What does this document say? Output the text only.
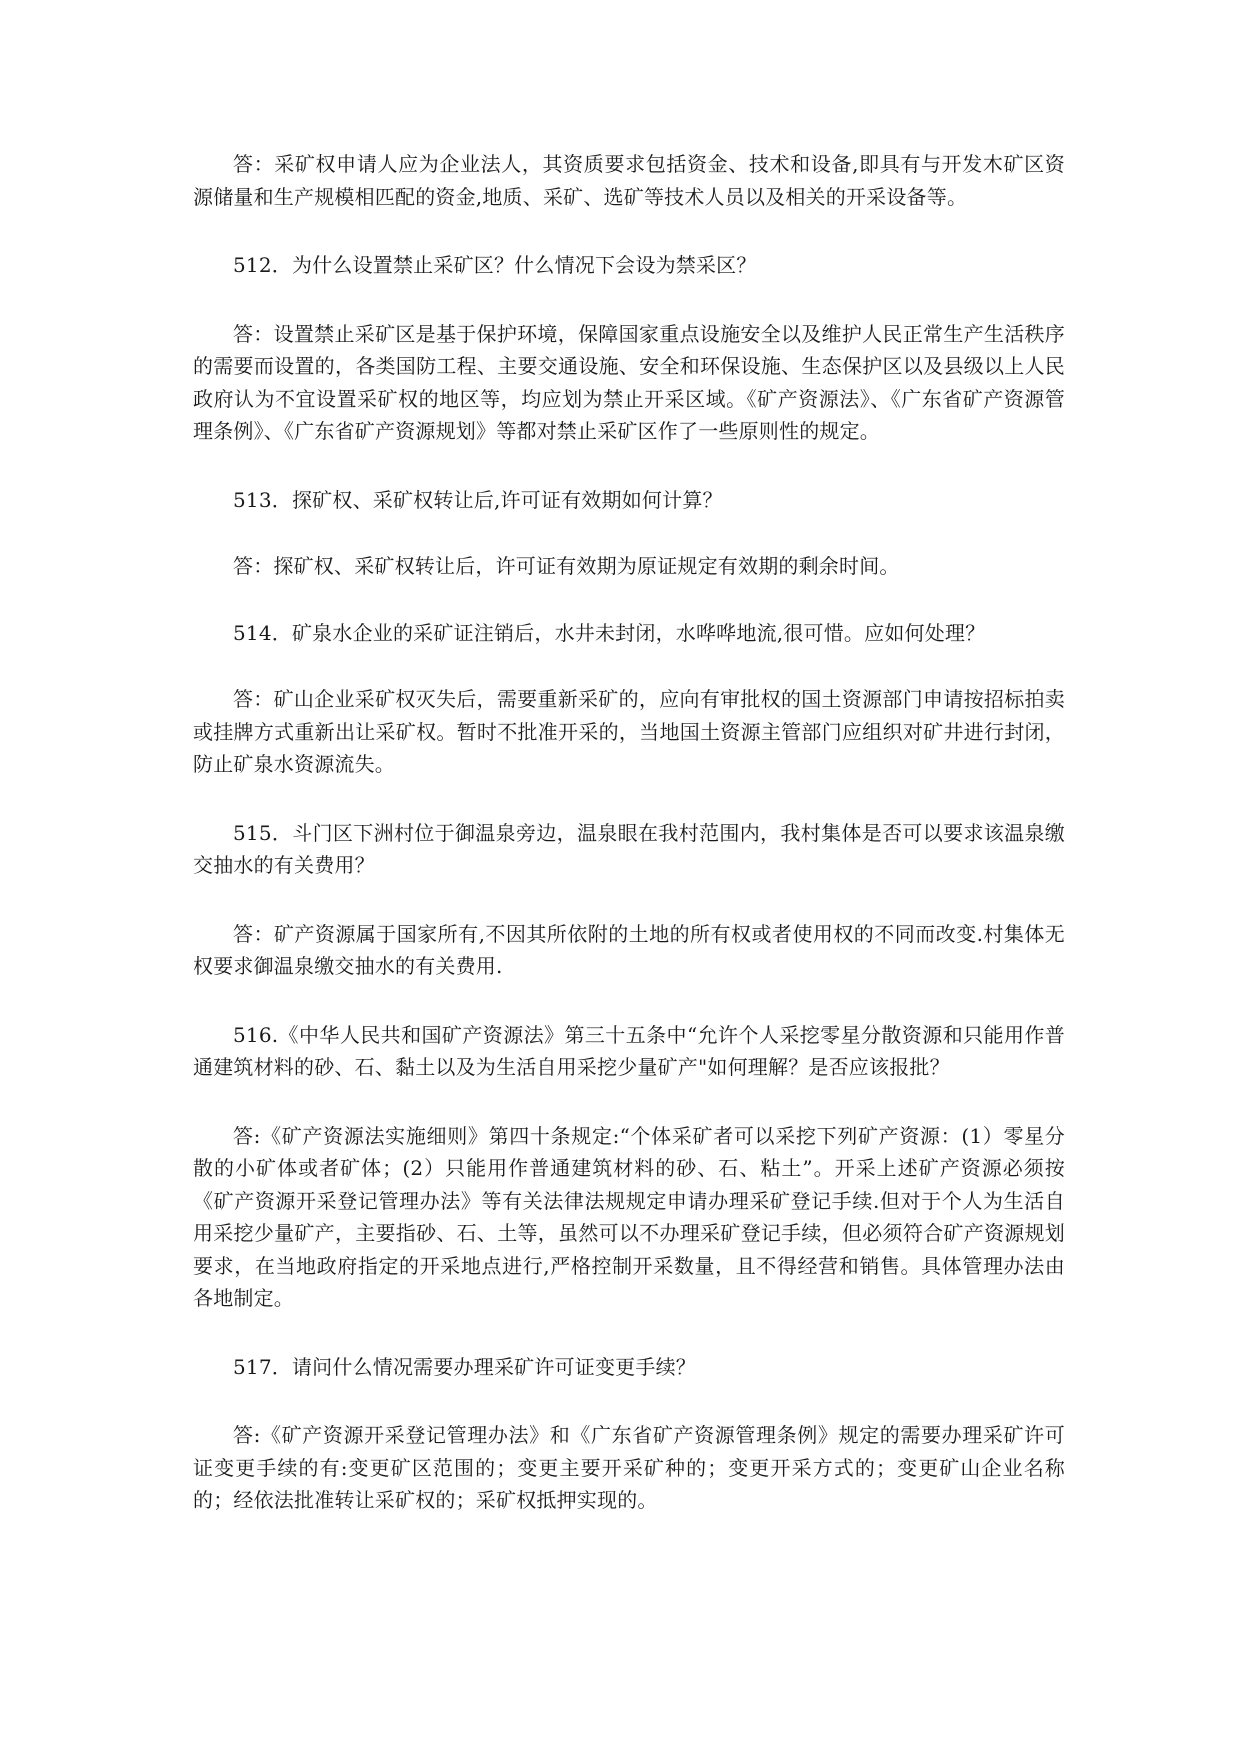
答：采矿权申请人应为企业法人，其资质要求包括资金、技术和设备,即具有与开发木矿区资源储量和生产规模相匹配的资金,地质、采矿、选矿等技术人员以及相关的开采设备等。

512．为什么设置禁止采矿区？什么情况下会设为禁采区？

答：设置禁止采矿区是基于保护环境，保障国家重点设施安全以及维护人民正常生产生活秩序的需要而设置的，各类国防工程、主要交通设施、安全和环保设施、生态保护区以及县级以上人民政府认为不宜设置采矿权的地区等，均应划为禁止开采区域。《矿产资源法》、《广东省矿产资源管理条例》、《广东省矿产资源规划》等都对禁止采矿区作了一些原则性的规定。

513．探矿权、采矿权转让后,许可证有效期如何计算？

答：探矿权、采矿权转让后，许可证有效期为原证规定有效期的剩余时间。

514．矿泉水企业的采矿证注销后，水井未封闭，水哗哗地流,很可惜。应如何处理？

答：矿山企业采矿权灭失后，需要重新采矿的，应向有审批权的国土资源部门申请按招标拍卖或挂牌方式重新出让采矿权。暂时不批准开采的，当地国土资源主管部门应组织对矿井进行封闭，防止矿泉水资源流失。

515．斗门区下洲村位于御温泉旁边，温泉眼在我村范围内，我村集体是否可以要求该温泉缴交抽水的有关费用？

答：矿产资源属于国家所有,不因其所依附的土地的所有权或者使用权的不同而改变.村集体无权要求御温泉缴交抽水的有关费用.

516.《中华人民共和国矿产资源法》第三十五条中“允许个人采挖零星分散资源和只能用作普通建筑材料的砂、石、黏土以及为生活自用采挖少量矿产"如何理解？是否应该报批？

答:《矿产资源法实施细则》第四十条规定:“个体采矿者可以采挖下列矿产资源：(1）零星分散的小矿体或者矿体；(2）只能用作普通建筑材料的砂、石、粘土”。开采上述矿产资源必须按《矿产资源开采登记管理办法》等有关法律法规规定申请办理采矿登记手续.但对于个人为生活自用采挖少量矿产，主要指砂、石、土等，虽然可以不办理采矿登记手续，但必须符合矿产资源规划要求，在当地政府指定的开采地点进行,严格控制开采数量，且不得经营和销售。具体管理办法由各地制定。

517．请问什么情况需要办理采矿许可证变更手续？

答:《矿产资源开采登记管理办法》和《广东省矿产资源管理条例》规定的需要办理采矿许可证变更手续的有:变更矿区范围的；变更主要开采矿种的；变更开采方式的；变更矿山企业名称的；经依法批准转让采矿权的；采矿权抵押实现的。
